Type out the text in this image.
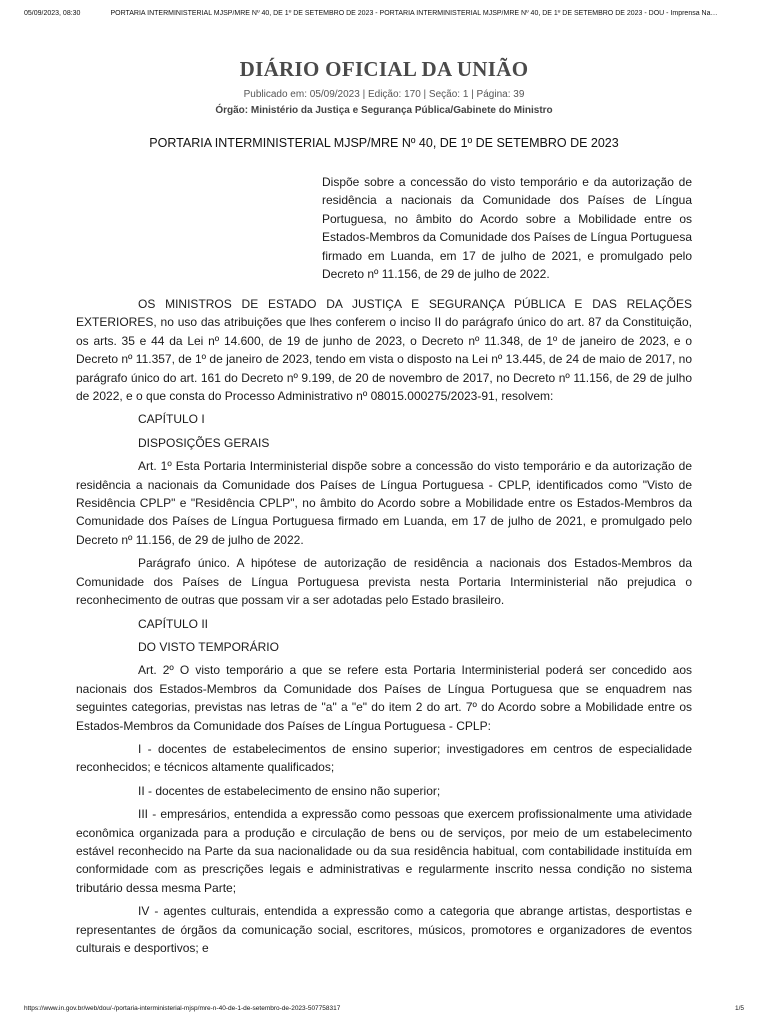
05/09/2023, 08:30	PORTARIA INTERMINISTERIAL MJSP/MRE Nº 40, DE 1º DE SETEMBRO DE 2023 - PORTARIA INTERMINISTERIAL MJSP/MRE Nº 40, DE 1º DE SETEMBRO DE 2023 - DOU - Imprensa Na…
DIÁRIO OFICIAL DA UNIÃO
Publicado em: 05/09/2023 | Edição: 170 | Seção: 1 | Página: 39
Órgão: Ministério da Justiça e Segurança Pública/Gabinete do Ministro
PORTARIA INTERMINISTERIAL MJSP/MRE Nº 40, DE 1º DE SETEMBRO DE 2023
Dispõe sobre a concessão do visto temporário e da autorização de residência a nacionais da Comunidade dos Países de Língua Portuguesa, no âmbito do Acordo sobre a Mobilidade entre os Estados-Membros da Comunidade dos Países de Língua Portuguesa firmado em Luanda, em 17 de julho de 2021, e promulgado pelo Decreto nº 11.156, de 29 de julho de 2022.

OS MINISTROS DE ESTADO DA JUSTIÇA E SEGURANÇA PÚBLICA E DAS RELAÇÕES EXTERIORES, no uso das atribuições que lhes conferem o inciso II do parágrafo único do art. 87 da Constituição, os arts. 35 e 44 da Lei nº 14.600, de 19 de junho de 2023, o Decreto nº 11.348, de 1º de janeiro de 2023, e o Decreto nº 11.357, de 1º de janeiro de 2023, tendo em vista o disposto na Lei nº 13.445, de 24 de maio de 2017, no parágrafo único do art. 161 do Decreto nº 9.199, de 20 de novembro de 2017, no Decreto nº 11.156, de 29 de julho de 2022, e o que consta do Processo Administrativo nº 08015.000275/2023-91, resolvem:

CAPÍTULO I

DISPOSIÇÕES GERAIS

Art. 1º Esta Portaria Interministerial dispõe sobre a concessão do visto temporário e da autorização de residência a nacionais da Comunidade dos Países de Língua Portuguesa - CPLP, identificados como "Visto de Residência CPLP" e "Residência CPLP", no âmbito do Acordo sobre a Mobilidade entre os Estados-Membros da Comunidade dos Países de Língua Portuguesa firmado em Luanda, em 17 de julho de 2021, e promulgado pelo Decreto nº 11.156, de 29 de julho de 2022.

Parágrafo único. A hipótese de autorização de residência a nacionais dos Estados-Membros da Comunidade dos Países de Língua Portuguesa prevista nesta Portaria Interministerial não prejudica o reconhecimento de outras que possam vir a ser adotadas pelo Estado brasileiro.

CAPÍTULO II

DO VISTO TEMPORÁRIO

Art. 2º O visto temporário a que se refere esta Portaria Interministerial poderá ser concedido aos nacionais dos Estados-Membros da Comunidade dos Países de Língua Portuguesa que se enquadrem nas seguintes categorias, previstas nas letras de "a" a "e" do item 2 do art. 7º do Acordo sobre a Mobilidade entre os Estados-Membros da Comunidade dos Países de Língua Portuguesa - CPLP:

I - docentes de estabelecimentos de ensino superior; investigadores em centros de especialidade reconhecidos; e técnicos altamente qualificados;

II - docentes de estabelecimento de ensino não superior;

III - empresários, entendida a expressão como pessoas que exercem profissionalmente uma atividade econômica organizada para a produção e circulação de bens ou de serviços, por meio de um estabelecimento estável reconhecido na Parte da sua nacionalidade ou da sua residência habitual, com contabilidade instituída em conformidade com as prescrições legais e administrativas e regularmente inscrito nessa condição no sistema tributário dessa mesma Parte;

IV - agentes culturais, entendida a expressão como a categoria que abrange artistas, desportistas e representantes de órgãos da comunicação social, escritores, músicos, promotores e organizadores de eventos culturais e desportivos; e

https://www.in.gov.br/web/dou/-/portaria-interministerial-mjsp/mre-n-40-de-1-de-setembro-de-2023-507758317	1/5
